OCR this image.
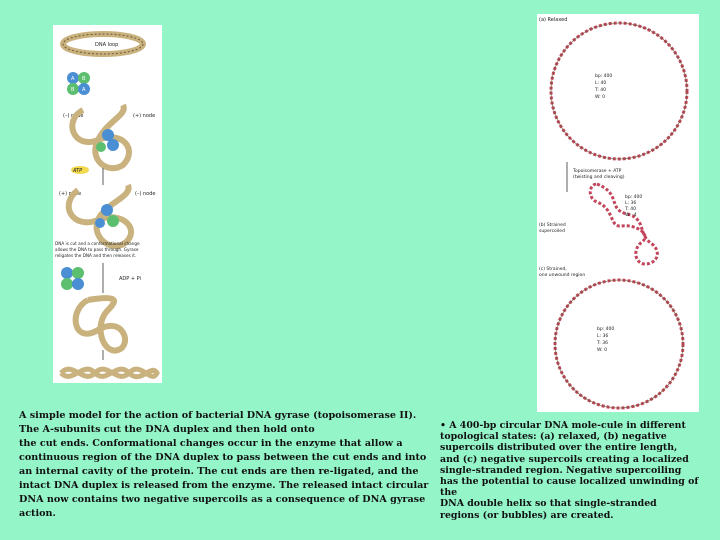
DNA loop
A B
B A
(–) node	(+) node
ATP
(+) node	(–) node
DNA is cut and a conformational change allows the DNA to pass through. Gyrase religates the DNA and then releases it.
ADP + Pi
(a) Relaxed
bp: 400 L: 40 T: 40 W: 0
Topoisomerase + ATP (twisting and cleaving)
bp: 400 L: 36 T: 40 W: -4
(b) Strained supercoiled
(c) Strained, one unwound region
bp: 400 L: 36 T: 36 W: 0
A simple model for the action of bacterial DNA gyrase (topoisomerase II).
The A-subunits cut the DNA duplex and then hold onto
the cut ends. Conformational changes occur in the enzyme that allow a
continuous region of the DNA duplex to pass between the cut ends and into
an internal cavity of the protein. The cut ends are then re-ligated, and the
intact DNA duplex is released from the enzyme. The released intact circular
DNA now contains two negative supercoils as a consequence of DNA gyrase
action.
• A 400-bp circular DNA mole-cule in different
topological states: (a) relaxed, (b) negative
supercoils distributed over the entire length,
and (c) negative supercoils creating a localized
single-stranded region. Negative supercoiling
has the potential to cause localized unwinding of
the
DNA double helix so that single-stranded
regions (or bubbles) are created.
